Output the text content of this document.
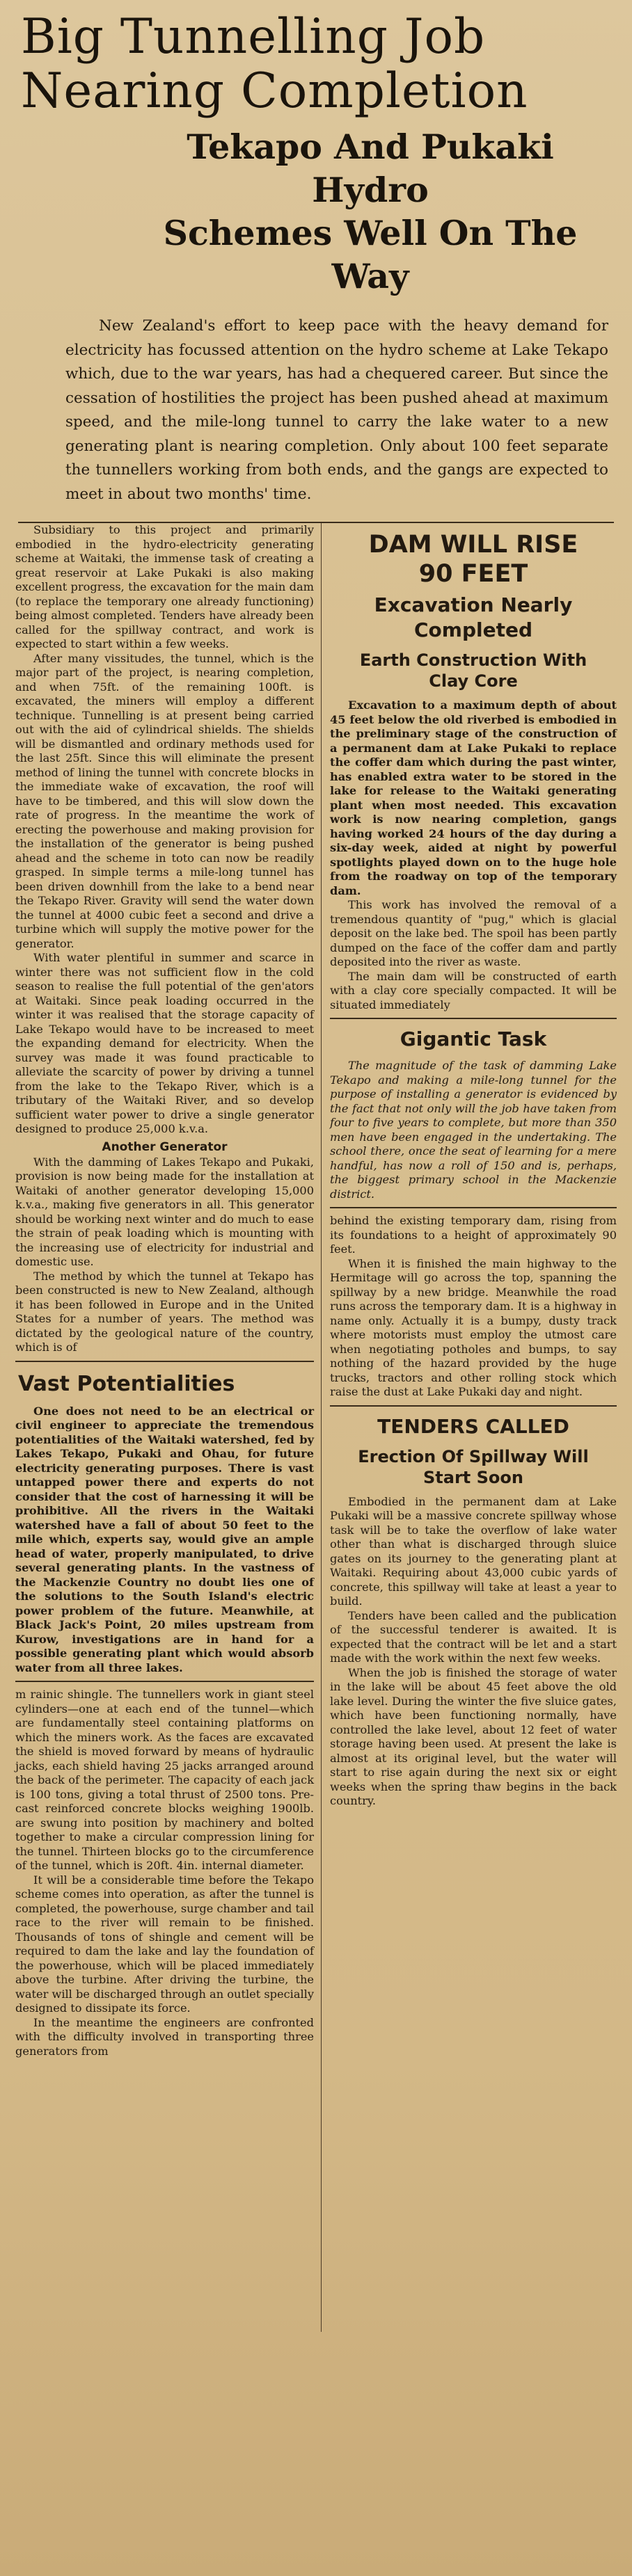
Big Tunnelling Job
Nearing Completion
Tekapo And Pukaki Hydro
Schemes Well On The Way

New Zealand's effort to keep pace with the heavy demand for electricity has focussed attention on the hydro scheme at Lake Tekapo which, due to the war years, has had a chequered career. But since the cessation of hostilities the project has been pushed ahead at maximum speed, and the mile-long tunnel to carry the lake water to a new generating plant is nearing completion. Only about 100 feet separate the tunnellers working from both ends, and the gangs are expected to meet in about two months' time.

Subsidiary to this project and primarily embodied in the hydro-electricity generating scheme at Waitaki, the immense task of creating a great reservoir at Lake Pukaki is also making excellent progress, the excavation for the main dam (to replace the temporary one already functioning) being almost completed. Tenders have already been called for the spillway contract, and work is expected to start within a few weeks.

After many vissitudes, the tunnel, which is the major part of the project, is nearing completion, and when 75ft. of the remaining 100ft. is excavated, the miners will employ a different technique. Tunnelling is at present being carried out with the aid of cylindrical shields. The shields will be dismantled and ordinary methods used for the last 25ft. Since this will eliminate the present method of lining the tunnel with concrete blocks in the immediate wake of excavation, the roof will have to be timbered, and this will slow down the rate of progress. In the meantime the work of erecting the powerhouse and making provision for the installation of the generator is being pushed ahead and the scheme in toto can now be readily grasped. In simple terms a mile-long tunnel has been driven downhill from the lake to a bend near the Tekapo River. Gravity will send the water down the tunnel at 4000 cubic feet a second and drive a turbine which will supply the motive power for the generator.

With water plentiful in summer and scarce in winter there was not sufficient flow in the cold season to realise the full potential of the gen'ators at Waitaki. Since peak loading occurred in the winter it was realised that the storage capacity of Lake Tekapo would have to be increased to meet the expanding demand for electricity. When the survey was made it was found practicable to alleviate the scarcity of power by driving a tunnel from the lake to the Tekapo River, which is a tributary of the Waitaki River, and so develop sufficient water power to drive a single generator designed to produce 25,000 k.v.a.

Another Generator

With the damming of Lakes Tekapo and Pukaki, provision is now being made for the installation at Waitaki of another generator developing 15,000 k.v.a., making five generators in all. This generator should be working next winter and do much to ease the strain of peak loading which is mounting with the increasing use of electricity for industrial and domestic use.

The method by which the tunnel at Tekapo has been constructed is new to New Zealand, although it has been followed in Europe and in the United States for a number of years. The method was dictated by the geological nature of the country, which is of

Vast Potentialities

One does not need to be an electrical or civil engineer to appreciate the tremendous potentialities of the Waitaki watershed, fed by Lakes Tekapo, Pukaki and Ohau, for future electricity generating purposes. There is vast untapped power there and experts do not consider that the cost of harnessing it will be prohibitive. All the rivers in the Waitaki watershed have a fall of about 50 feet to the mile which, experts say, would give an ample head of water, properly manipulated, to drive several generating plants. In the vastness of the Mackenzie Country no doubt lies one of the solutions to the South Island's electric power problem of the future. Meanwhile, at Black Jack's Point, 20 miles upstream from Kurow, investigations are in hand for a possible generating plant which would absorb water from all three lakes.

m rainic shingle. The tunnellers work in giant steel cylinders—one at each end of the tunnel—which are fundamentally steel containing platforms on which the miners work. As the faces are excavated the shield is moved forward by means of hydraulic jacks, each shield having 25 jacks arranged around the back of the perimeter. The capacity of each jack is 100 tons, giving a total thrust of 2500 tons. Pre-cast reinforced concrete blocks weighing 1900lb. are swung into position by machinery and bolted together to make a circular compression lining for the tunnel. Thirteen blocks go to the circumference of the tunnel, which is 20ft. 4in. internal diameter.

It will be a considerable time before the Tekapo scheme comes into operation, as after the tunnel is completed, the powerhouse, surge chamber and tail race to the river will remain to be finished. Thousands of tons of shingle and cement will be required to dam the lake and lay the foundation of the powerhouse, which will be placed immediately above the turbine. After driving the turbine, the water will be discharged through an outlet specially designed to dissipate its force.

In the meantime the engineers are confronted with the difficulty involved in transporting three generators from

DAM WILL RISE
90 FEET
Excavation Nearly
Completed
Earth Construction With
Clay Core

Excavation to a maximum depth of about 45 feet below the old riverbed is embodied in the preliminary stage of the construction of a permanent dam at Lake Pukaki to replace the coffer dam which during the past winter, has enabled extra water to be stored in the lake for release to the Waitaki generating plant when most needed. This excavation work is now nearing completion, gangs having worked 24 hours of the day during a six-day week, aided at night by powerful spotlights played down on to the huge hole from the roadway on top of the temporary dam.

This work has involved the removal of a tremendous quantity of "pug," which is glacial deposit on the lake bed. The spoil has been partly dumped on the face of the coffer dam and partly deposited into the river as waste.

The main dam will be constructed of earth with a clay core specially compacted. It will be situated immediately

Gigantic Task

The magnitude of the task of damming Lake Tekapo and making a mile-long tunnel for the purpose of installing a generator is evidenced by the fact that not only will the job have taken from four to five years to complete, but more than 350 men have been engaged in the undertaking. The school there, once the seat of learning for a mere handful, has now a roll of 150 and is, perhaps, the biggest primary school in the Mackenzie district.

behind the existing temporary dam, rising from its foundations to a height of approximately 90 feet.

When it is finished the main highway to the Hermitage will go across the top, spanning the spillway by a new bridge. Meanwhile the road runs across the temporary dam. It is a highway in name only. Actually it is a bumpy, dusty track where motorists must employ the utmost care when negotiating potholes and bumps, to say nothing of the hazard provided by the huge trucks, tractors and other rolling stock which raise the dust at Lake Pukaki day and night.

TENDERS CALLED
Erection Of Spillway Will
Start Soon

Embodied in the permanent dam at Lake Pukaki will be a massive concrete spillway whose task will be to take the overflow of lake water other than what is discharged through sluice gates on its journey to the generating plant at Waitaki. Requiring about 43,000 cubic yards of concrete, this spillway will take at least a year to build.

Tenders have been called and the publication of the successful tenderer is awaited. It is expected that the contract will be let and a start made with the work within the next few weeks.

When the job is finished the storage of water in the lake will be about 45 feet above the old lake level. During the winter the five sluice gates, which have been functioning normally, have controlled the lake level, about 12 feet of water storage having been used. At present the lake is almost at its original level, but the water will start to rise again during the next six or eight weeks when the spring thaw begins in the back country.
